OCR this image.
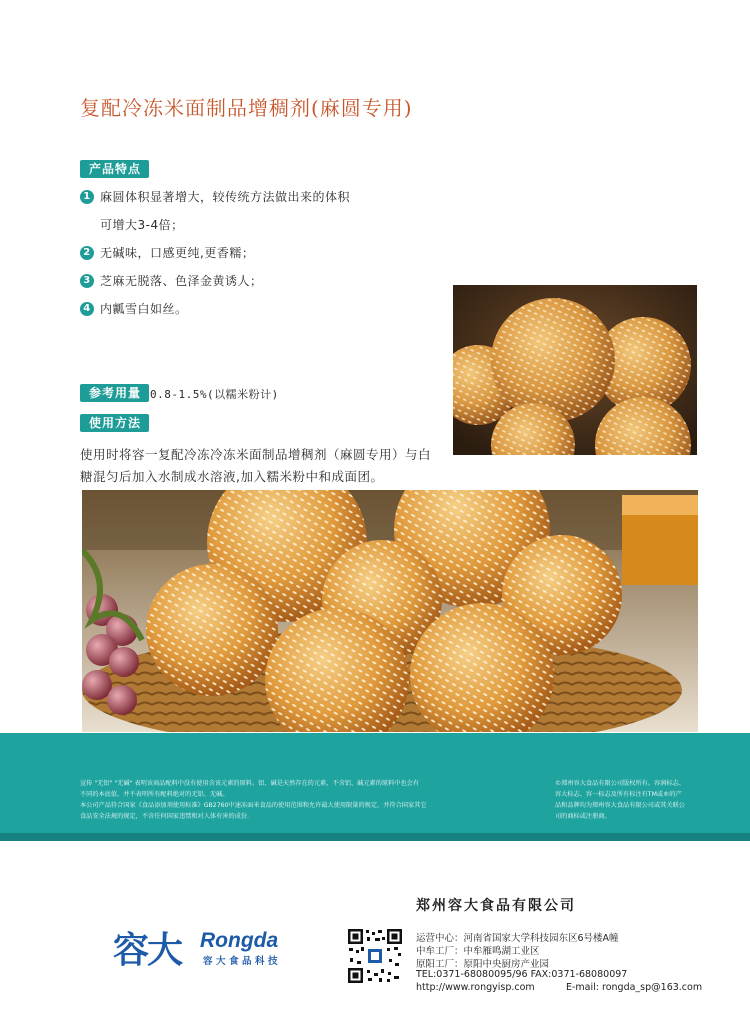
复配冷冻米面制品增稠剂(麻圆专用)
产品特点
1 麻圆体积显著增大，较传统方法做出来的体积
可增大3-4倍；
2 无碱味，口感更纯,更香糯；
3 芝麻无脱落、色泽金黄诱人；
4 内瓤雪白如丝。
参考用量 0.8-1.5%(以糯米粉计)
使用方法
使用时将容一复配冷冻冷冻米面制品增稠剂（麻圆专用）与白糖混匀后加入水制成水溶液,加入糯米粉中和成面团。
宣传 "无铝" "无碱" 表明该商品配料中没有使用含该元素的原料。铝、碱是天然存在的元素，不含铝、碱元素的原料中也会有
不同的本底值，并不表明所有配料绝对的无铝、无碱。
本公司产品符合国家《食品添加剂使用标准》GB2760中速冻面米食品的使用范围和允许最大使用限量的规定，并符合国家其它
食品安全法规的规定，不含任何国家违禁和对人体有害的成份.
©郑州容大食品有限公司版权所有。容润标志、
容大标志、容一标志及所有标注有TM或®的产
品和品牌均为郑州容大食品有限公司或其关联公
司的商标或注册商。
容大 Rongda
容大食品科技
郑州容大食品有限公司
运营中心：河南省国家大学科技园东区6号楼A幢
中牟工厂：中牟雁鸣湖工业区
原阳工厂：原阳中央厨房产业园
TEL:0371-68080095/96 FAX:0371-68080097
http://www.rongyisp.com	E-mail: rongda_sp@163.com
